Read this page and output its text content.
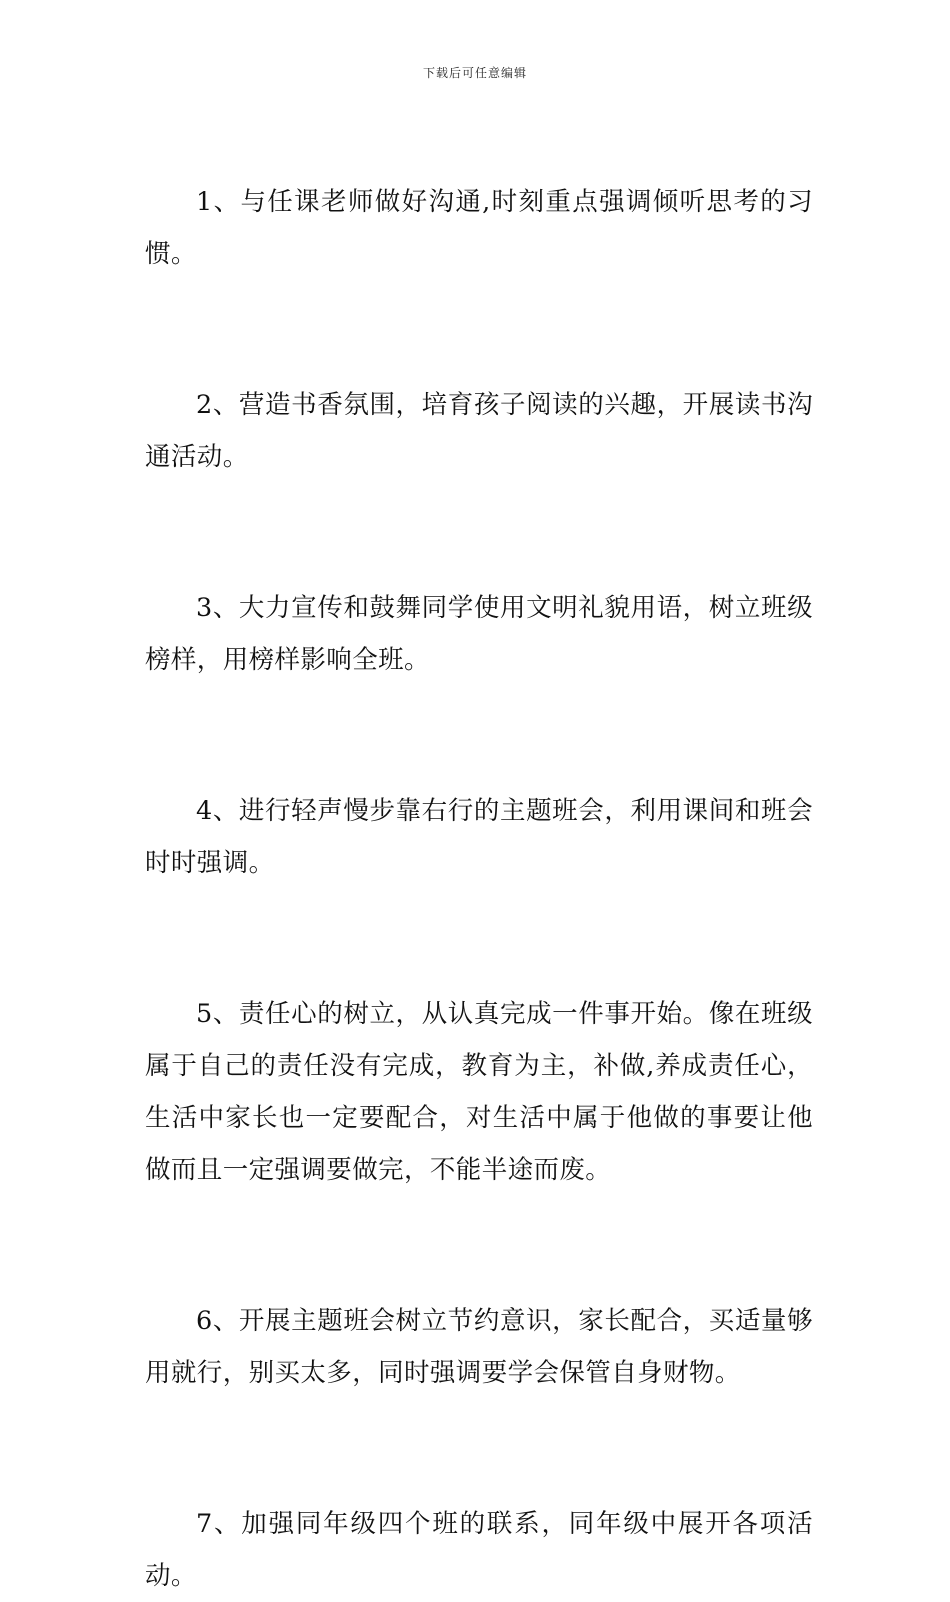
下载后可任意编辑

1、与任课老师做好沟通,时刻重点强调倾听思考的习惯。

2、营造书香氛围，培育孩子阅读的兴趣，开展读书沟通活动。

3、大力宣传和鼓舞同学使用文明礼貌用语，树立班级榜样，用榜样影响全班。

4、进行轻声慢步靠右行的主题班会，利用课间和班会时时强调。

5、责任心的树立，从认真完成一件事开始。像在班级属于自己的责任没有完成，教育为主，补做,养成责任心，生活中家长也一定要配合，对生活中属于他做的事要让他做而且一定强调要做完，不能半途而废。

6、开展主题班会树立节约意识，家长配合，买适量够用就行，别买太多，同时强调要学会保管自身财物。

7、加强同年级四个班的联系，同年级中展开各项活动。
